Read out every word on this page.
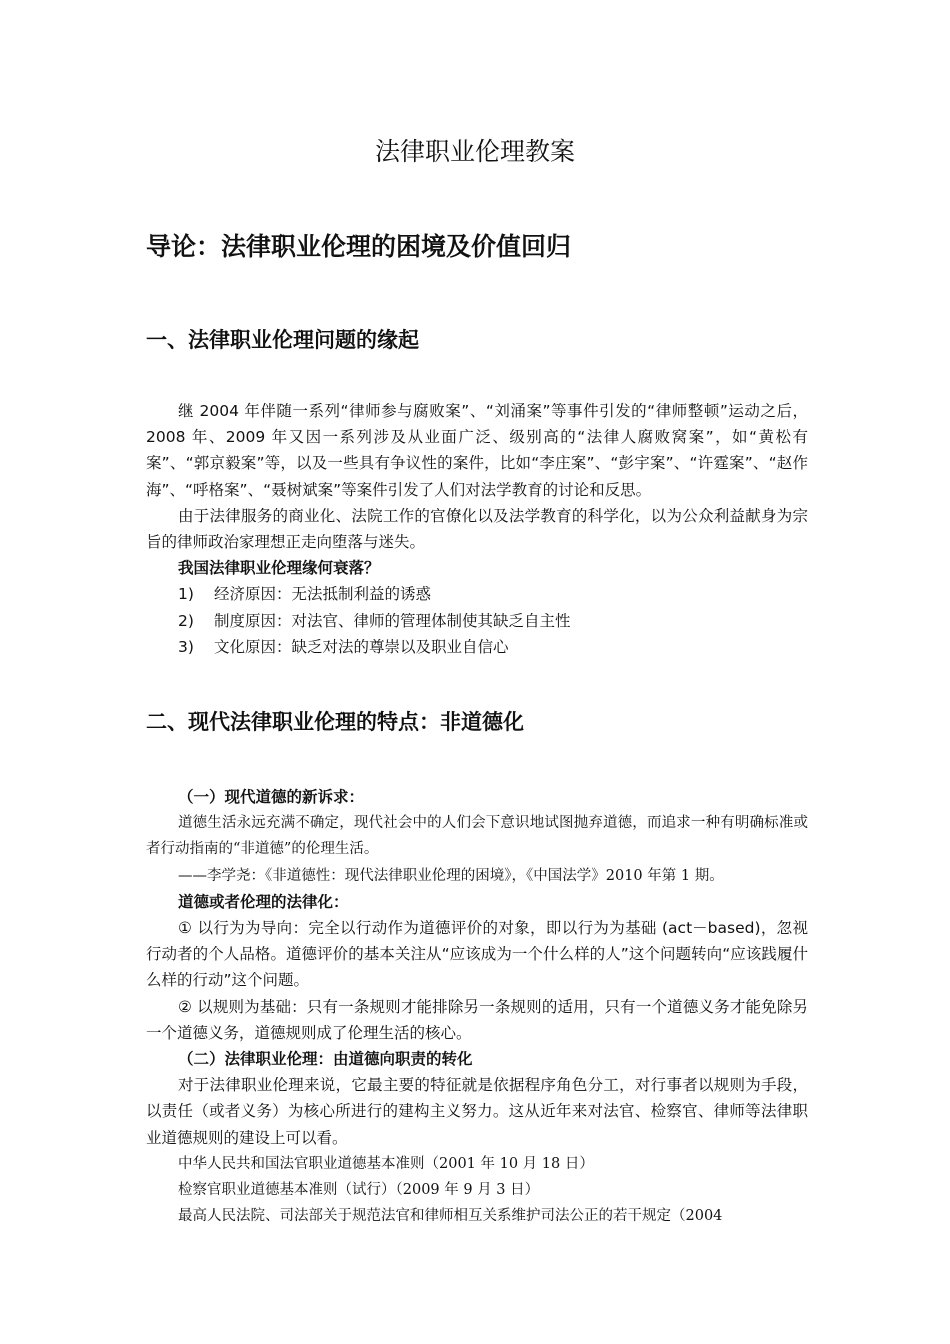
法律职业伦理教案
导论：法律职业伦理的困境及价值回归
一、法律职业伦理问题的缘起

继 2004 年伴随一系列“律师参与腐败案”、“刘涌案”等事件引发的“律师整顿”运动之后，2008 年、2009 年又因一系列涉及从业面广泛、级别高的“法律人腐败窝案”，如“黄松有案”、“郭京毅案”等，以及一些具有争议性的案件，比如“李庄案”、“彭宇案”、“许霆案”、“赵作海”、“呼格案”、“聂树斌案”等案件引发了人们对法学教育的讨论和反思。

由于法律服务的商业化、法院工作的官僚化以及法学教育的科学化，以为公众利益献身为宗旨的律师政治家理想正走向堕落与迷失。

我国法律职业伦理缘何衰落？

1)	经济原因：无法抵制利益的诱惑
2)	制度原因：对法官、律师的管理体制使其缺乏自主性
3)	文化原因：缺乏对法的尊崇以及职业自信心
二、现代法律职业伦理的特点：非道德化

（一）现代道德的新诉求：

道德生活永远充满不确定，现代社会中的人们会下意识地试图抛弃道德，而追求一种有明确标准或者行动指南的“非道德”的伦理生活。

——李学尧：《非道德性：现代法律职业伦理的困境》，《中国法学》2010 年第 1 期。

道德或者伦理的法律化：

① 以行为为导向：完全以行动作为道德评价的对象，即以行为为基础 (act－based)，忽视行动者的个人品格。道德评价的基本关注从“应该成为一个什么样的人”这个问题转向“应该践履什么样的行动”这个问题。

② 以规则为基础：只有一条规则才能排除另一条规则的适用，只有一个道德义务才能免除另一个道德义务，道德规则成了伦理生活的核心。

（二）法律职业伦理：由道德向职责的转化

对于法律职业伦理来说，它最主要的特征就是依据程序角色分工，对行事者以规则为手段，以责任（或者义务）为核心所进行的建构主义努力。这从近年来对法官、检察官、律师等法律职业道德规则的建设上可以看。

中华人民共和国法官职业道德基本准则（2001 年 10 月 18 日）

检察官职业道德基本准则（试行）（2009 年 9 月 3 日）

最高人民法院、司法部关于规范法官和律师相互关系维护司法公正的若干规定（2004
